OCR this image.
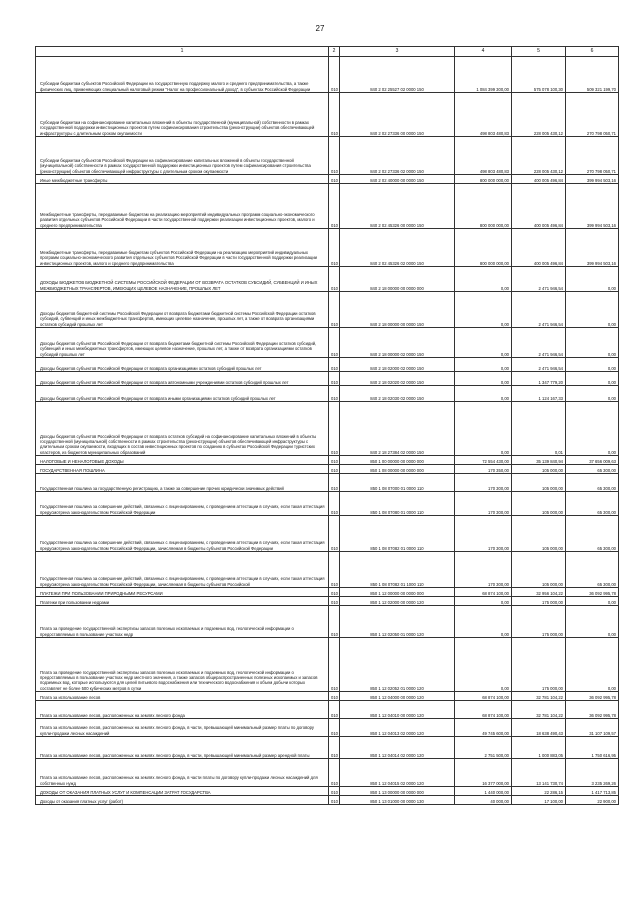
27
1	2	3	4	5	6
Субсидии бюджетам субъектов Российской Федерации на государственную поддержку малого и среднего предпринимательства, а также физических лиц, применяющих специальный налоговый режим "Налог на профессиональный доход", в субъектах Российской Федерации	010	840 2 02 25527 02 0000 150	1 084 399 300,00	575 078 100,30	509 321 199,70
Субсидии бюджетам на софинансирование капитальных вложений в объекты государственной (муниципальной) собственности в рамках государственной поддержки инвестиционных проектов путем софинансирования строительства (реконструкции) объектов обеспечивающей инфраструктуры с длительным сроком окупаемости	010	840 2 02 27336 00 0000 150	498 803 480,83	228 005 430,12	270 798 050,71
Субсидии бюджетам субъектов Российской Федерации на софинансирование капитальных вложений в объекты государственной (муниципальной) собственности в рамках государственной поддержки инвестиционных проектов путем софинансирования строительства (реконструкции) объектов обеспечивающей инфраструктуры с длительным сроком окупаемости	010	840 2 02 27336 02 0000 150	498 803 480,83	228 005 430,12	270 798 050,71
Иные межбюджетные трансферты	010	840 2 02 40000 00 0000 150	800 000 000,00	400 005 496,84	399 994 503,16
Межбюджетные трансферты, передаваемые бюджетам на реализацию мероприятий индивидуальных программ социально-экономического развития отдельных субъектов Российской Федерации в части государственной поддержки реализации инвестиционных проектов, малого и среднего предпринимательства	010	840 2 02 45326 00 0000 150	800 000 000,00	400 005 496,84	399 994 503,16
Межбюджетные трансферты, передаваемые бюджетам субъектов Российской Федерации на реализацию мероприятий индивидуальных программ социально-экономического развития отдельных субъектов Российской Федерации в части государственной поддержки реализации инвестиционных проектов, малого и среднего предпринимательства	010	840 2 02 45326 02 0000 150	800 000 000,00	400 005 496,84	399 994 503,16
ДОХОДЫ БЮДЖЕТОВ БЮДЖЕТНОЙ СИСТЕМЫ РОССИЙСКОЙ ФЕДЕРАЦИИ ОТ ВОЗВРАТА ОСТАТКОВ СУБСИДИЙ, СУБВЕНЦИЙ И ИНЫХ МЕЖБЮДЖЕТНЫХ ТРАНСФЕРТОВ, ИМЕЮЩИХ ЦЕЛЕВОЕ НАЗНАЧЕНИЕ, ПРОШЛЫХ ЛЕТ	010	840 2 18 00000 00 0000 000	0,00	2 471 946,54	0,00
Доходы бюджетов бюджетной системы Российской Федерации от возврата бюджетами бюджетной системы Российской Федерации остатков субсидий, субвенций и иных межбюджетных трансфертов, имеющих целевое назначение, прошлых лет, а также от возврата организациями остатков субсидий прошлых лет	010	840 2 18 00000 00 0000 150	0,00	2 471 946,54	0,00
Доходы бюджетов субъектов Российской Федерации от возврата бюджетами бюджетной системы Российской Федерации остатков субсидий, субвенций и иных межбюджетных трансфертов, имеющих целевое назначение, прошлых лет, а также от возврата организациями остатков субсидий прошлых лет	010	840 2 18 00000 02 0000 150	0,00	2 471 946,54	0,00
Доходы бюджетов субъектов Российской Федерации от возврата организациями остатков субсидий прошлых лет	010	840 2 18 02000 02 0000 150	0,00	2 471 946,54	0,00
Доходы бюджетов субъектов Российской Федерации от возврата автономными учреждениями остатков субсидий прошлых лет	010	840 2 18 02020 02 0000 150	0,00	1 347 779,20	0,00
Доходы бюджетов субъектов Российской Федерации от возврата иными организациями остатков субсидий прошлых лет	010	840 2 18 02030 02 0000 150	0,00	1 124 167,33	0,00
Доходы бюджетов субъектов Российской Федерации от возврата остатков субсидий на софинансирование капитальных вложений в объекты государственной (муниципальной) собственности в рамках строительства (реконструкции) объектов обеспечивающей инфраструктуры с длительным сроком окупаемости, входящих в состав инвестиционных проектов по созданию в субъектах Российской Федерации туристских кластеров, из бюджетов муниципальных образований	010	840 2 18 27384 02 0000 150	0,00	0,01	0,00
НАЛОГОВЫЕ И НЕНАЛОГОВЫЕ ДОХОДЫ	010	850 1 00 00000 00 0000 000	72 554 430,00	35 139 840,94	37 656 009,63
ГОСУДАРСТВЕННАЯ ПОШЛИНА	010	850 1 08 00000 00 0000 000	170 350,00	105 000,00	65 300,00
Государственная пошлина за государственную регистрацию, а также за совершение прочих юридически значимых действий	010	850 1 08 07000 01 0000 110	170 300,00	105 000,00	65 300,00
Государственная пошлина за совершение действий, связанных с лицензированием, с проведением аттестации в случаях, если такая аттестация предусмотрена законодательством Российской Федерации	010	850 1 08 07080 01 0000 110	170 300,00	105 000,00	65 300,00
Государственная пошлина за совершение действий, связанных с лицензированием, с проведением аттестации в случаях, если такая аттестация предусмотрена законодательством Российской Федерации, зачисляемая в бюджеты субъектов Российской Федерации	010	850 1 08 07082 01 0000 110	170 300,00	105 000,00	65 300,00
Государственная пошлина за совершение действий, связанных с лицензированием, с проведением аттестации в случаях, если такая аттестация предусмотрена законодательством Российской Федерации, зачисляемая в бюджеты субъектов Российской	010	850 1 08 07082 01 1000 110	170 300,00	105 000,00	65 300,00
ПЛАТЕЖИ ПРИ ПОЛЬЗОВАНИИ ПРИРОДНЫМИ РЕСУРСАМИ	010	850 1 12 00000 00 0000 000	68 874 100,00	32 956 104,22	36 092 995,78
Платежи при пользовании недрами	010	850 1 12 02000 00 0000 120	0,00	175 000,00	0,00
Плата за проведение государственной экспертизы запасов полезных ископаемых и подземных вод, геологической информации о предоставляемых в пользование участках недр	010	850 1 12 02050 01 0000 120	0,00	175 000,00	0,00
Плата за проведение государственной экспертизы запасов полезных ископаемых и подземных вод, геологической информации о предоставляемых в пользование участках недр местного значения, а также запасов общераспространенных полезных ископаемых и запасов подземных вод, которые используются для целей питьевого водоснабжения или технического водоснабжения и объем добычи которых составляет не более 500 кубических метров в сутки	010	850 1 12 02052 01 0000 120	0,00	175 000,00	0,00
Плата за использование лесов	010	850 1 12 04000 00 0000 120	68 874 100,00	32 781 104,22	36 092 995,78
Плата за использование лесов, расположенных на землях лесного фонда	010	850 1 12 04010 00 0000 120	68 874 100,00	32 781 104,22	36 092 995,78
Плата за использование лесов, расположенных на землях лесного фонда, в части, превышающей минимальный размер платы по договору купли-продажи лесных насаждений	010	850 1 12 04013 02 0000 120	49 745 600,00	18 638 490,43	31 107 109,57
Плата за использование лесов, расположенных на землях лесного фонда, в части, превышающей минимальный размер арендной платы	010	850 1 12 04014 02 0000 120	2 751 500,00	1 000 883,05	1 750 616,95
Плата за использование лесов, расположенных на землях лесного фонда, в части платы по договору купли-продажи лесных насаждений для собственных нужд	010	850 1 12 04015 02 0000 120	16 377 000,00	13 141 730,74	3 235 269,26
ДОХОДЫ ОТ ОКАЗАНИЯ ПЛАТНЫХ УСЛУГ И КОМПЕНСАЦИИ ЗАТРАТ ГОСУДАРСТВА	010	850 1 13 00000 00 0000 000	1 440 000,00	22 286,15	1 417 713,85
Доходы от оказания платных услуг (работ)	010	850 1 13 01000 00 0000 130	40 000,00	17 100,00	22 900,00
